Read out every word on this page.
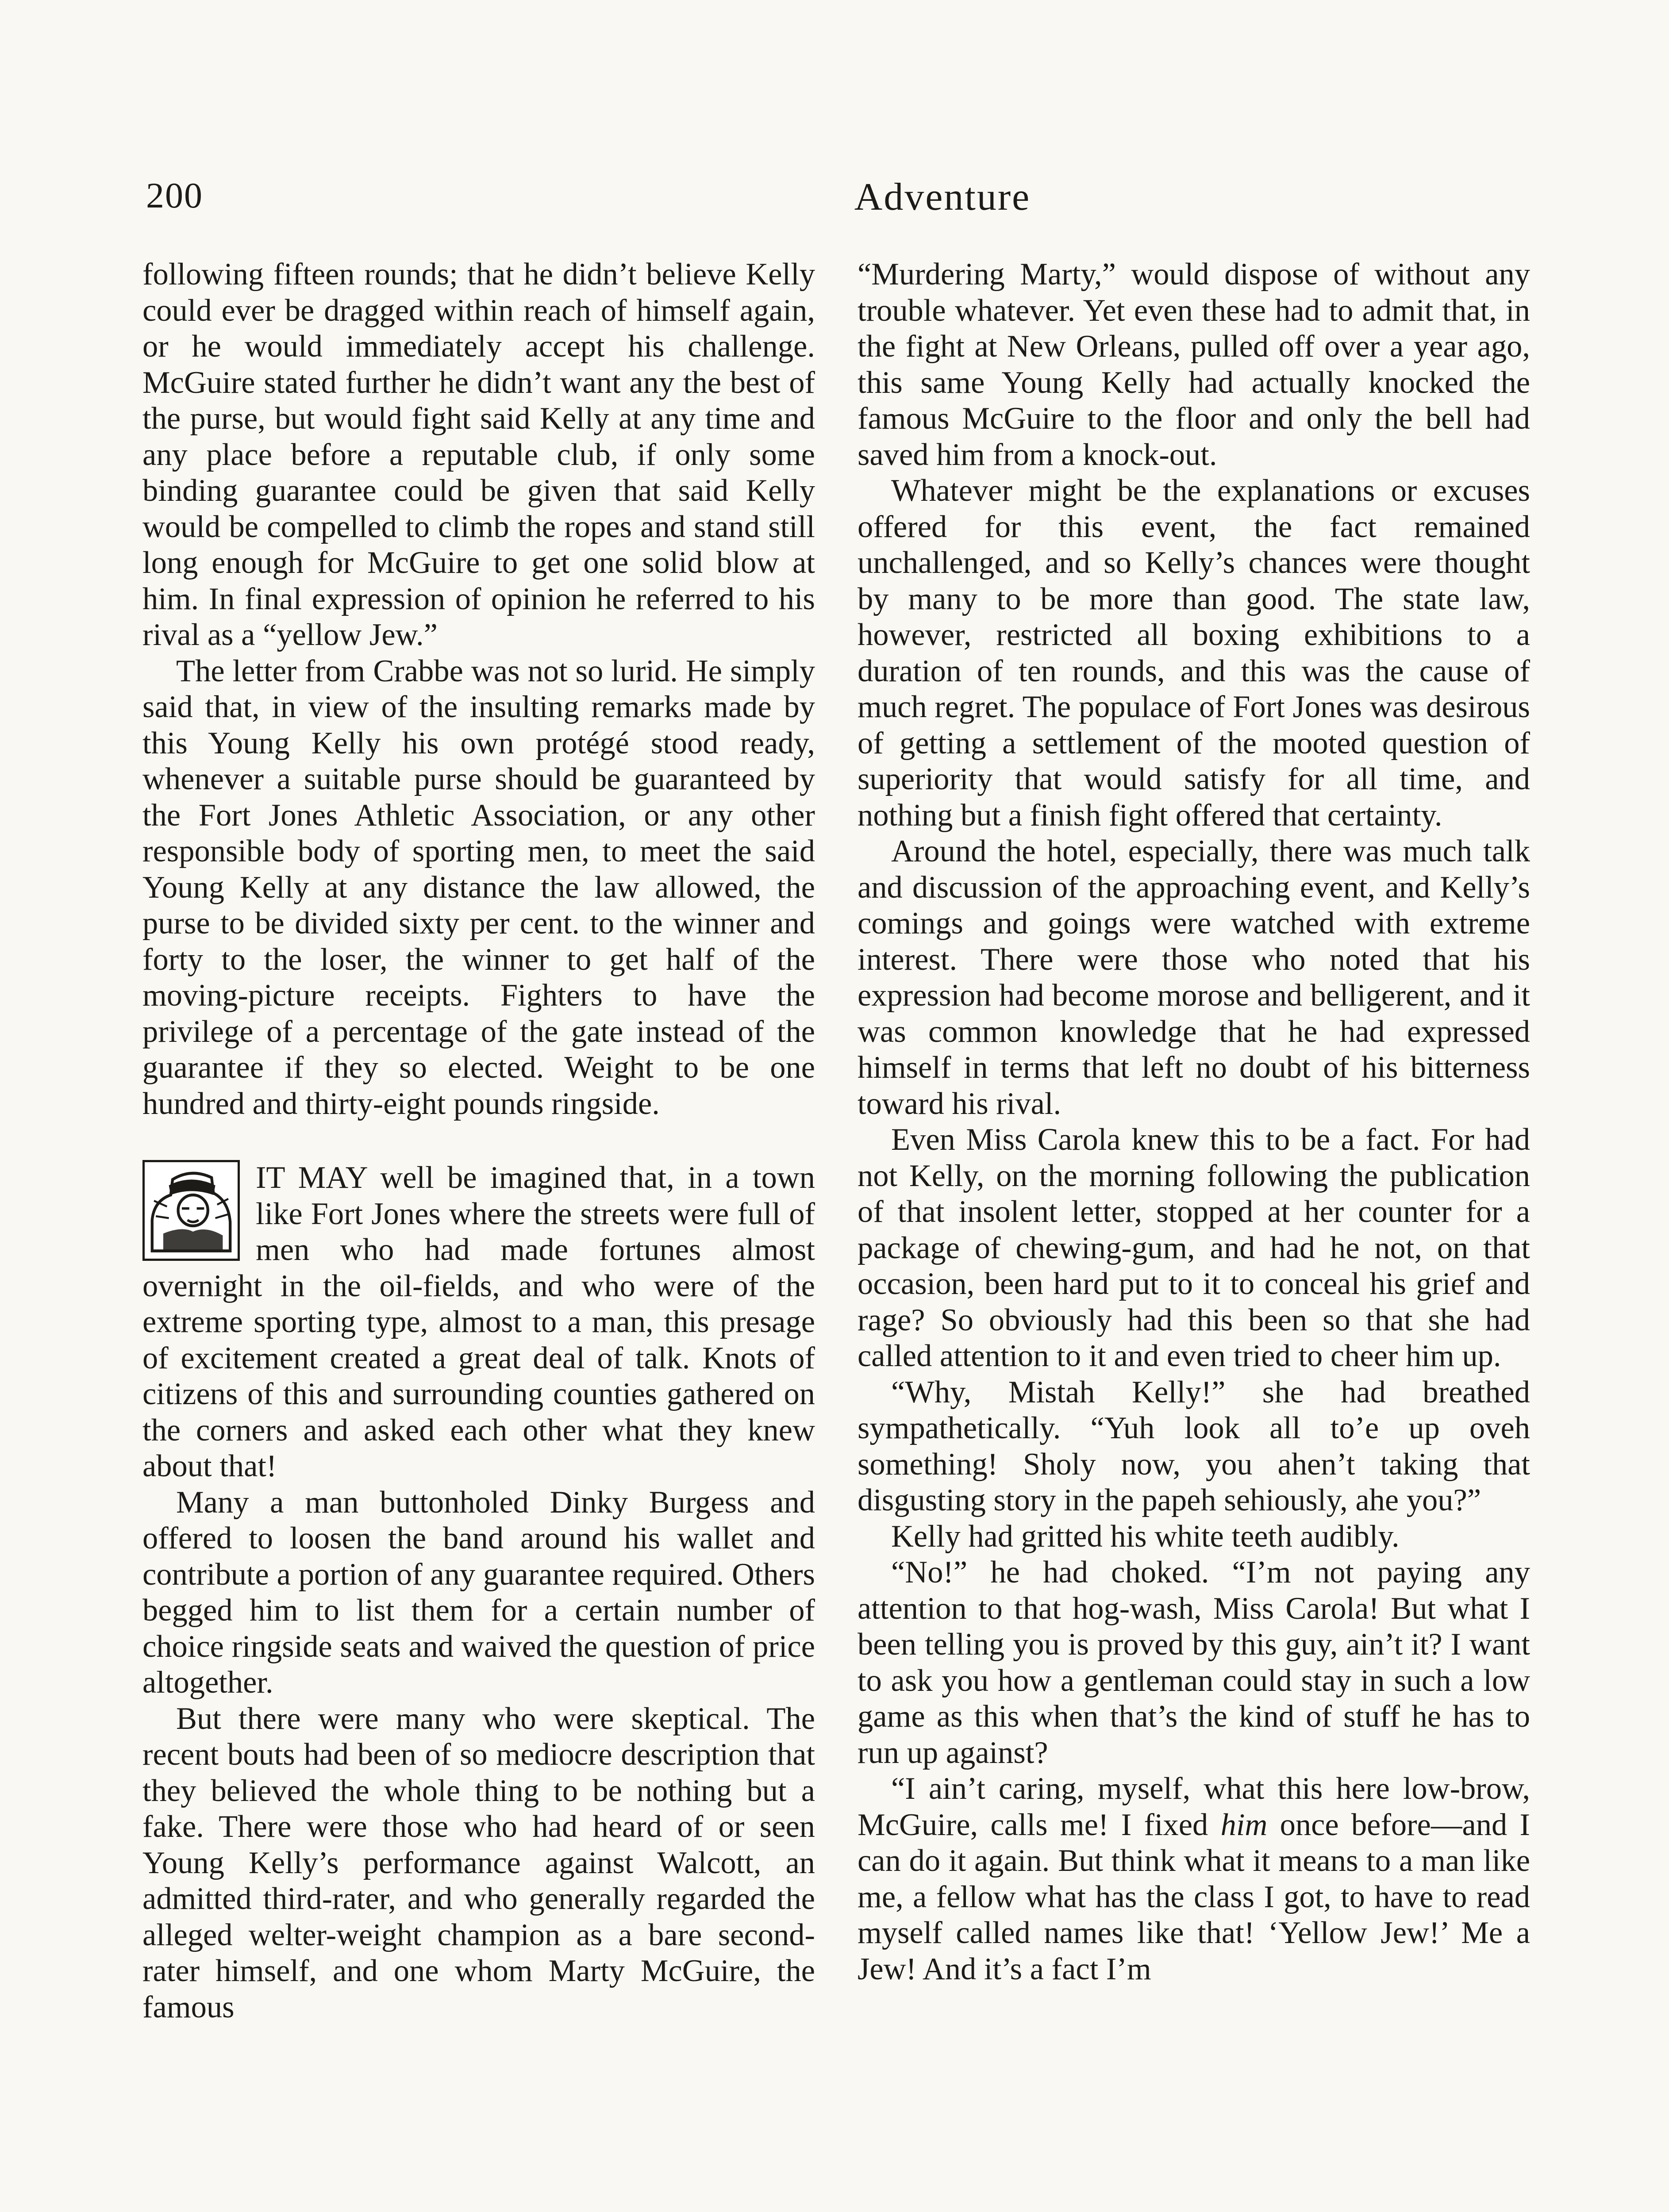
200	Adventure

following fifteen rounds; that he didn’t believe Kelly could ever be dragged within reach of himself again, or he would immediately accept his challenge. McGuire stated further he didn’t want any the best of the purse, but would fight said Kelly at any time and any place before a reputable club, if only some binding guarantee could be given that said Kelly would be compelled to climb the ropes and stand still long enough for McGuire to get one solid blow at him. In final expression of opinion he referred to his rival as a “yellow Jew.”

The letter from Crabbe was not so lurid. He simply said that, in view of the insulting remarks made by this Young Kelly his own protégé stood ready, whenever a suitable purse should be guaranteed by the Fort Jones Athletic Association, or any other responsible body of sporting men, to meet the said Young Kelly at any distance the law allowed, the purse to be divided sixty per cent. to the winner and forty to the loser, the winner to get half of the moving-picture receipts. Fighters to have the privilege of a percentage of the gate instead of the guarantee if they so elected. Weight to be one hundred and thirty-eight pounds ringside.

IT MAY well be imagined that, in a town like Fort Jones where the streets were full of men who had made fortunes almost overnight in the oil-fields, and who were of the extreme sporting type, almost to a man, this presage of excitement created a great deal of talk. Knots of citizens of this and surrounding counties gathered on the corners and asked each other what they knew about that!

Many a man buttonholed Dinky Burgess and offered to loosen the band around his wallet and contribute a portion of any guarantee required. Others begged him to list them for a certain number of choice ringside seats and waived the question of price altogether.

But there were many who were skeptical. The recent bouts had been of so mediocre description that they believed the whole thing to be nothing but a fake. There were those who had heard of or seen Young Kelly’s performance against Walcott, an admitted third-rater, and who generally regarded the alleged welter-weight champion as a bare second-rater himself, and one whom Marty McGuire, the famous

“Murdering Marty,” would dispose of without any trouble whatever. Yet even these had to admit that, in the fight at New Orleans, pulled off over a year ago, this same Young Kelly had actually knocked the famous McGuire to the floor and only the bell had saved him from a knock-out.

Whatever might be the explanations or excuses offered for this event, the fact remained unchallenged, and so Kelly’s chances were thought by many to be more than good. The state law, however, restricted all boxing exhibitions to a duration of ten rounds, and this was the cause of much regret. The populace of Fort Jones was desirous of getting a settlement of the mooted question of superiority that would satisfy for all time, and nothing but a finish fight offered that certainty.

Around the hotel, especially, there was much talk and discussion of the approaching event, and Kelly’s comings and goings were watched with extreme interest. There were those who noted that his expression had become morose and belligerent, and it was common knowledge that he had expressed himself in terms that left no doubt of his bitterness toward his rival.

Even Miss Carola knew this to be a fact. For had not Kelly, on the morning following the publication of that insolent letter, stopped at her counter for a package of chewing-gum, and had he not, on that occasion, been hard put to it to conceal his grief and rage? So obviously had this been so that she had called attention to it and even tried to cheer him up.

“Why, Mistah Kelly!” she had breathed sympathetically. “Yuh look all to’e up oveh something! Sholy now, you ahen’t taking that disgusting story in the papeh sehiously, ahe you?”

Kelly had gritted his white teeth audibly.

“No!” he had choked. “I’m not paying any attention to that hog-wash, Miss Carola! But what I been telling you is proved by this guy, ain’t it? I want to ask you how a gentleman could stay in such a low game as this when that’s the kind of stuff he has to run up against?

“I ain’t caring, myself, what this here low-brow, McGuire, calls me! I fixed him once before—and I can do it again. But think what it means to a man like me, a fellow what has the class I got, to have to read myself called names like that! ‘Yellow Jew!’ Me a Jew! And it’s a fact I’m
